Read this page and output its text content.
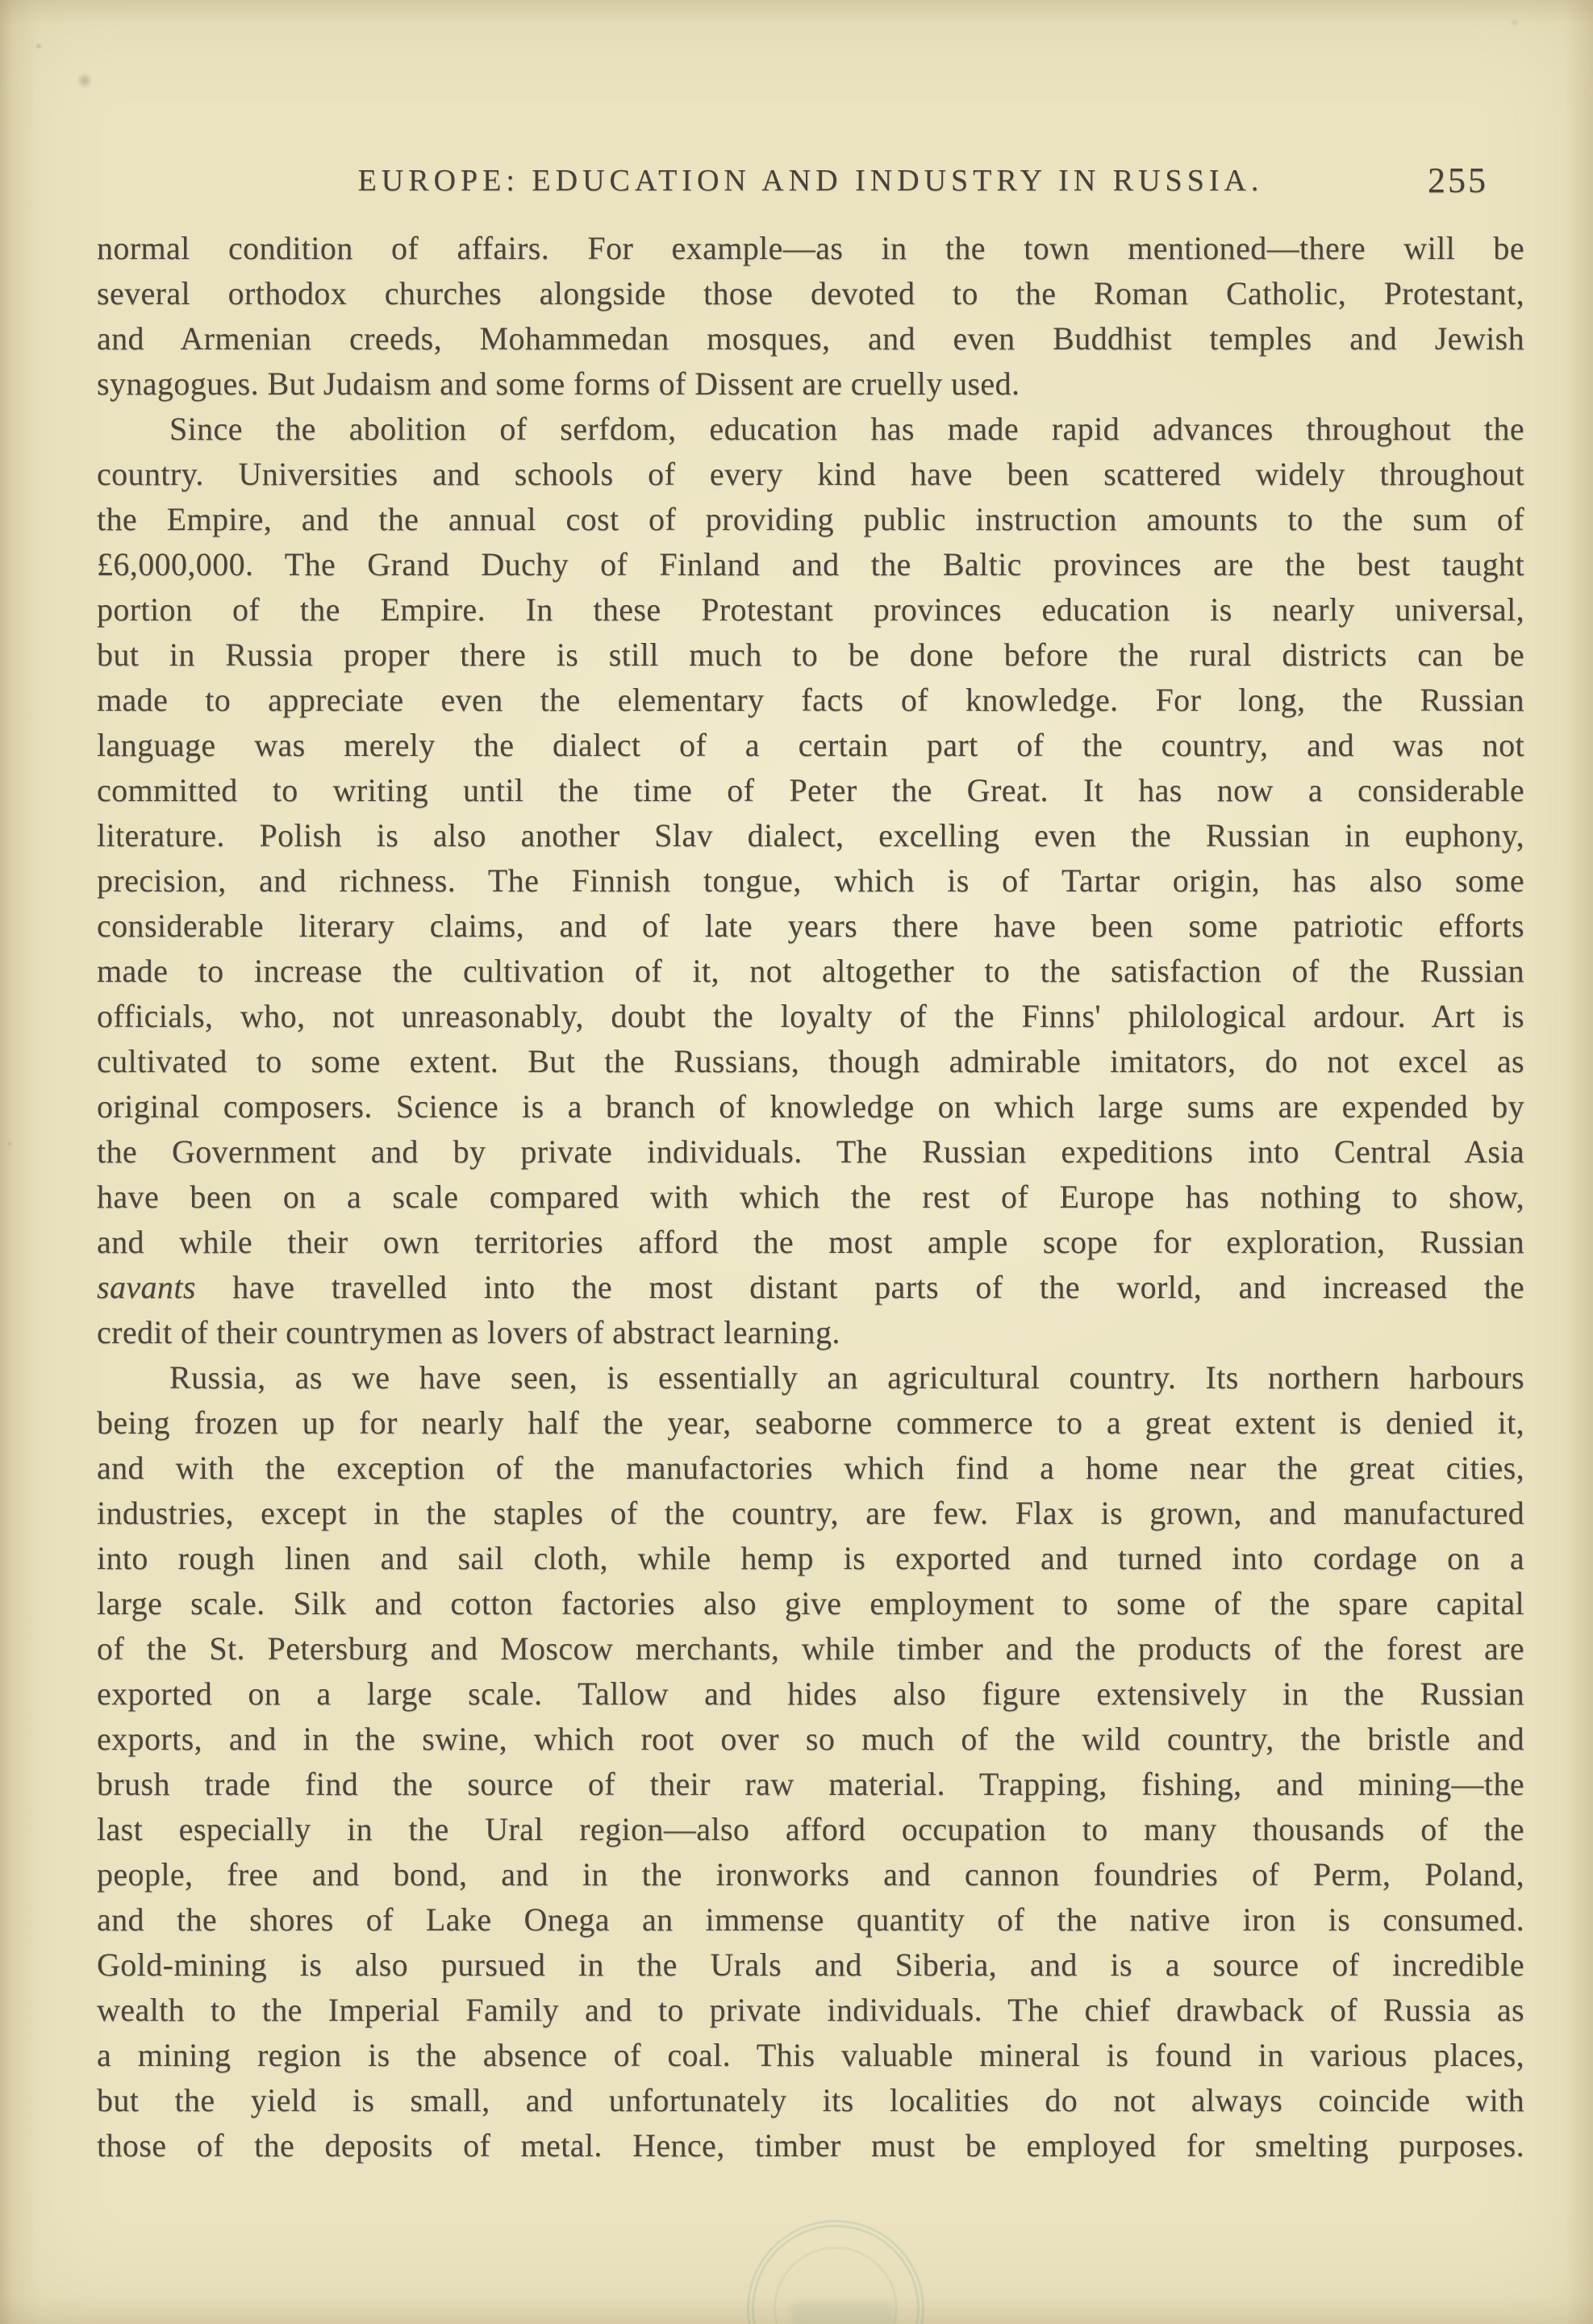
EUROPE: EDUCATION AND INDUSTRY IN RUSSIA.	255
normal condition of affairs. For example—as in the town mentioned—there will be
several orthodox churches alongside those devoted to the Roman Catholic, Protestant,
and Armenian creeds, Mohammedan mosques, and even Buddhist temples and Jewish
synagogues. But Judaism and some forms of Dissent are cruelly used.
Since the abolition of serfdom, education has made rapid advances throughout the
country. Universities and schools of every kind have been scattered widely throughout
the Empire, and the annual cost of providing public instruction amounts to the sum of
£6,000,000. The Grand Duchy of Finland and the Baltic provinces are the best taught
portion of the Empire. In these Protestant provinces education is nearly universal,
but in Russia proper there is still much to be done before the rural districts can be
made to appreciate even the elementary facts of knowledge. For long, the Russian
language was merely the dialect of a certain part of the country, and was not
committed to writing until the time of Peter the Great. It has now a considerable
literature. Polish is also another Slav dialect, excelling even the Russian in euphony,
precision, and richness. The Finnish tongue, which is of Tartar origin, has also some
considerable literary claims, and of late years there have been some patriotic efforts
made to increase the cultivation of it, not altogether to the satisfaction of the Russian
officials, who, not unreasonably, doubt the loyalty of the Finns' philological ardour. Art is
cultivated to some extent. But the Russians, though admirable imitators, do not excel as
original composers. Science is a branch of knowledge on which large sums are expended by
the Government and by private individuals. The Russian expeditions into Central Asia
have been on a scale compared with which the rest of Europe has nothing to show,
and while their own territories afford the most ample scope for exploration, Russian
savants have travelled into the most distant parts of the world, and increased the
credit of their countrymen as lovers of abstract learning.
Russia, as we have seen, is essentially an agricultural country. Its northern harbours
being frozen up for nearly half the year, seaborne commerce to a great extent is denied it,
and with the exception of the manufactories which find a home near the great cities,
industries, except in the staples of the country, are few. Flax is grown, and manufactured
into rough linen and sail cloth, while hemp is exported and turned into cordage on a
large scale. Silk and cotton factories also give employment to some of the spare capital
of the St. Petersburg and Moscow merchants, while timber and the products of the forest are
exported on a large scale. Tallow and hides also figure extensively in the Russian
exports, and in the swine, which root over so much of the wild country, the bristle and
brush trade find the source of their raw material. Trapping, fishing, and mining—the
last especially in the Ural region—also afford occupation to many thousands of the
people, free and bond, and in the ironworks and cannon foundries of Perm, Poland,
and the shores of Lake Onega an immense quantity of the native iron is consumed.
Gold-mining is also pursued in the Urals and Siberia, and is a source of incredible
wealth to the Imperial Family and to private individuals. The chief drawback of Russia as
a mining region is the absence of coal. This valuable mineral is found in various places,
but the yield is small, and unfortunately its localities do not always coincide with
those of the deposits of metal. Hence, timber must be employed for smelting purposes.
